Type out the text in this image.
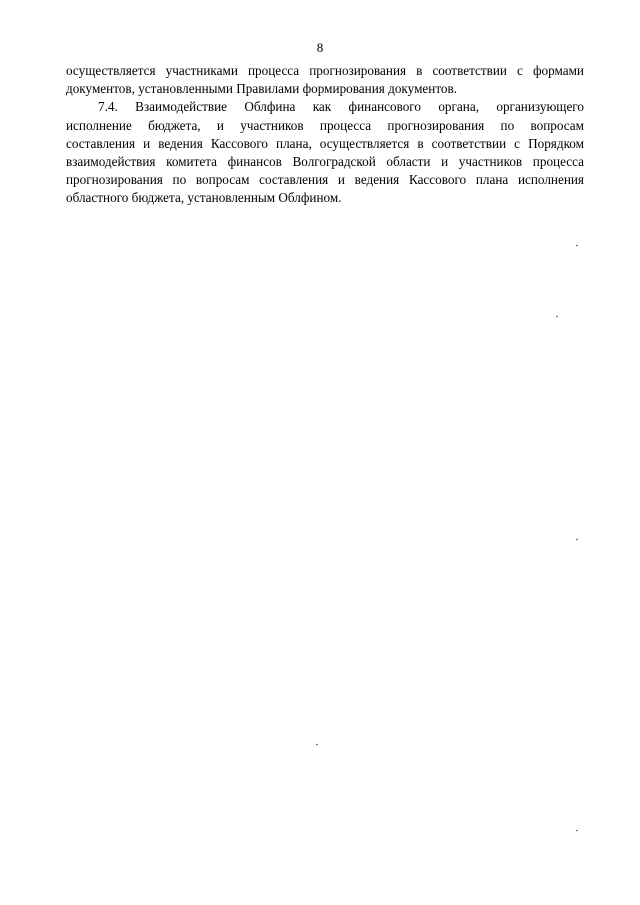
8
осуществляется участниками процесса прогнозирования в соответствии с формами
документов, установленными Правилами формирования документов.
7.4. Взаимодействие Облфина как финансового органа, организующего
исполнение бюджета, и участников процесса прогнозирования по вопросам
составления и ведения Кассового плана, осуществляется в соответствии с Порядком
взаимодействия комитета финансов Волгоградской области и участников процесса
прогнозирования по вопросам составления и ведения Кассового плана исполнения
областного бюджета, установленным Облфином.
